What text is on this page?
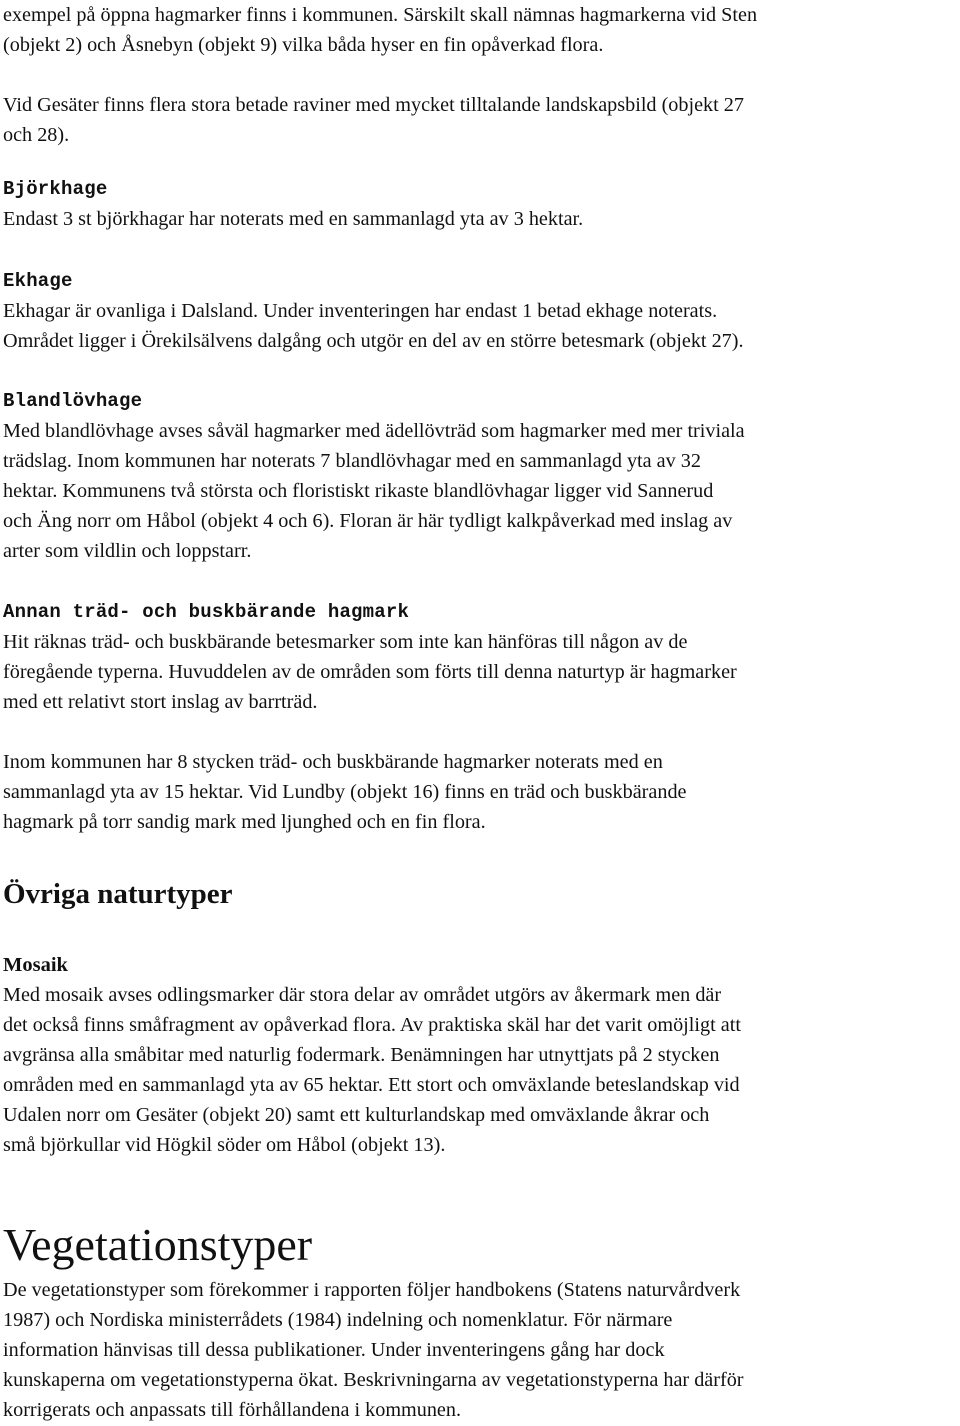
exempel på öppna hagmarker finns i kommunen. Särskilt skall nämnas hagmarkerna vid Sten
(objekt 2) och Åsnebyn (objekt 9) vilka båda hyser en fin opåverkad flora.
Vid Gesäter finns flera stora betade raviner med mycket tilltalande landskapsbild (objekt 27
och 28).
Björkhage
Endast 3 st björkhagar har noterats med en sammanlagd yta av 3 hektar.
Ekhage
Ekhagar är ovanliga i Dalsland. Under inventeringen har endast 1 betad ekhage noterats.
Området ligger i Örekilsälvens dalgång och utgör en del av en större betesmark (objekt 27).
Blandlövhage
Med blandlövhage avses såväl hagmarker med ädellövträd som hagmarker med mer triviala
trädslag. Inom kommunen har noterats 7 blandlövhagar med en sammanlagd yta av 32
hektar. Kommunens två största och floristiskt rikaste blandlövhagar ligger vid Sannerud
och Äng norr om Håbol (objekt 4 och 6). Floran är här tydligt kalkpåverkad med inslag av
arter som vildlin och loppstarr.
Annan träd- och buskbärande hagmark
Hit räknas träd- och buskbärande betesmarker som inte kan hänföras till någon av de
föregående typerna. Huvuddelen av de områden som förts till denna naturtyp är hagmarker
med ett relativt stort inslag av barrträd.
Inom kommunen har 8 stycken träd- och buskbärande hagmarker noterats med en
sammanlagd yta av 15 hektar. Vid Lundby (objekt 16) finns en träd och buskbärande
hagmark på torr sandig mark med ljunghed och en fin flora.
Övriga naturtyper
Mosaik
Med mosaik avses odlingsmarker där stora delar av området utgörs av åkermark men där
det också finns småfragment av opåverkad flora. Av praktiska skäl har det varit omöjligt att
avgränsa alla småbitar med naturlig fodermark. Benämningen har utnyttjats på 2 stycken
områden med en sammanlagd yta av 65 hektar. Ett stort och omväxlande beteslandskap vid
Udalen norr om Gesäter (objekt 20) samt ett kulturlandskap med omväxlande åkrar och
små björkullar vid Högkil söder om Håbol (objekt 13).
Vegetationstyper
De vegetationstyper som förekommer i rapporten följer handbokens (Statens naturvårdverk
1987) och Nordiska ministerrådets (1984) indelning och nomenklatur. För närmare
information hänvisas till dessa publikationer. Under inventeringens gång har dock
kunskaperna om vegetationstyperna ökat. Beskrivningarna av vegetationstyperna har därför
korrigerats och anpassats till förhållandena i kommunen.
